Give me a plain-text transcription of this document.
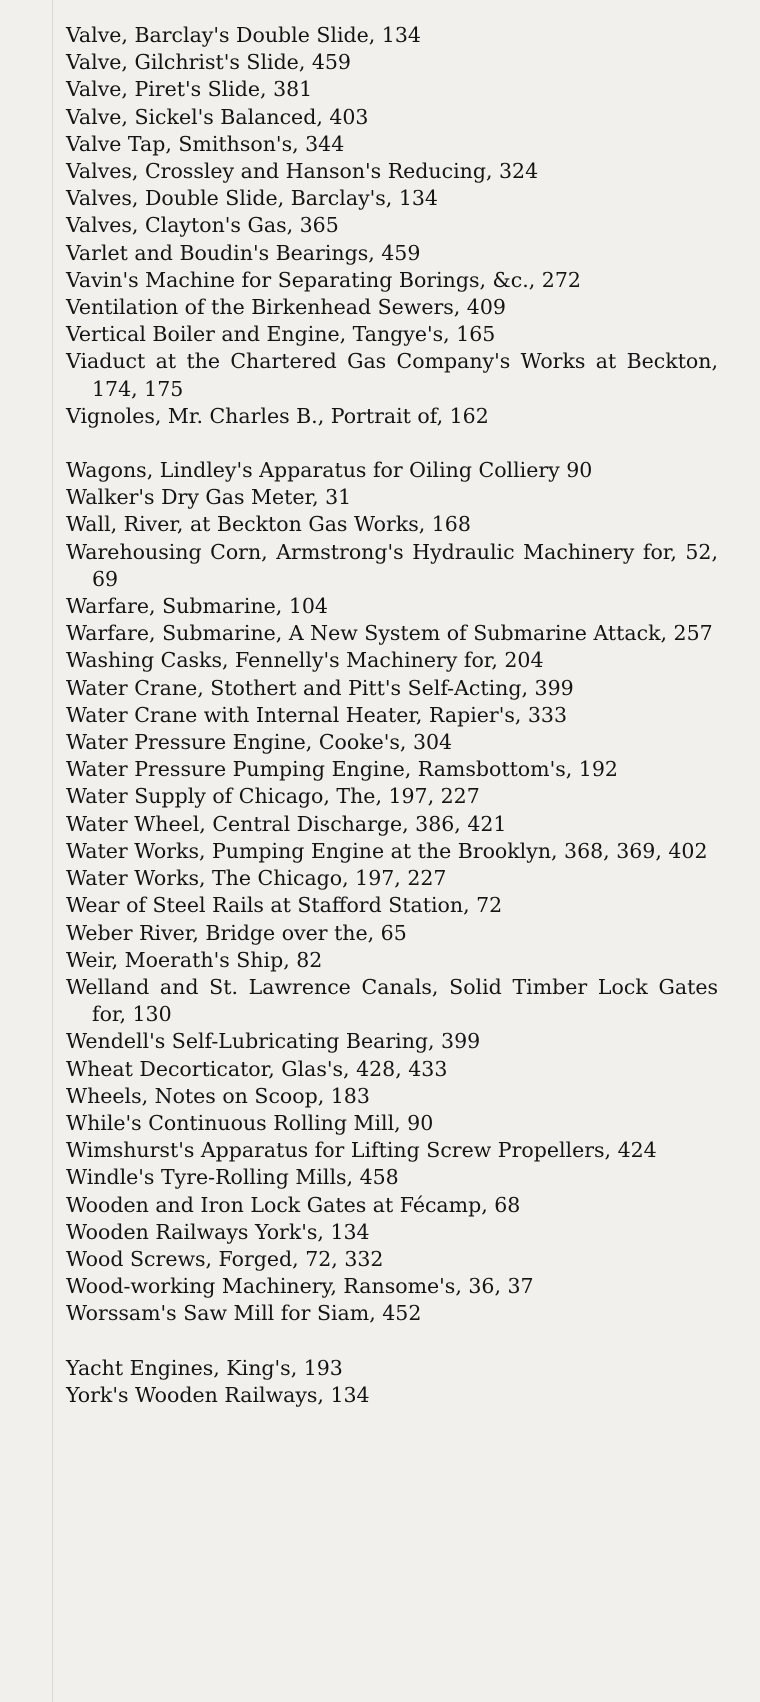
Valve, Barclay's Double Slide, 134
Valve, Gilchrist's Slide, 459
Valve, Piret's Slide, 381
Valve, Sickel's Balanced, 403
Valve Tap, Smithson's, 344
Valves, Crossley and Hanson's Reducing, 324
Valves, Double Slide, Barclay's, 134
Valves, Clayton's Gas, 365
Varlet and Boudin's Bearings, 459
Vavin's Machine for Separating Borings, &c., 272
Ventilation of the Birkenhead Sewers, 409
Vertical Boiler and Engine, Tangye's, 165
Viaduct at the Chartered Gas Company's Works at Beckton, 174, 175
Vignoles, Mr. Charles B., Portrait of, 162
Wagons, Lindley's Apparatus for Oiling Colliery 90
Walker's Dry Gas Meter, 31
Wall, River, at Beckton Gas Works, 168
Warehousing Corn, Armstrong's Hydraulic Machinery for, 52, 69
Warfare, Submarine, 104
Warfare, Submarine, A New System of Submarine Attack, 257
Washing Casks, Fennelly's Machinery for, 204
Water Crane, Stothert and Pitt's Self-Acting, 399
Water Crane with Internal Heater, Rapier's, 333
Water Pressure Engine, Cooke's, 304
Water Pressure Pumping Engine, Ramsbottom's, 192
Water Supply of Chicago, The, 197, 227
Water Wheel, Central Discharge, 386, 421
Water Works, Pumping Engine at the Brooklyn, 368, 369, 402
Water Works, The Chicago, 197, 227
Wear of Steel Rails at Stafford Station, 72
Weber River, Bridge over the, 65
Weir, Moerath's Ship, 82
Welland and St. Lawrence Canals, Solid Timber Lock Gates for, 130
Wendell's Self-Lubricating Bearing, 399
Wheat Decorticator, Glas's, 428, 433
Wheels, Notes on Scoop, 183
While's Continuous Rolling Mill, 90
Wimshurst's Apparatus for Lifting Screw Propellers, 424
Windle's Tyre-Rolling Mills, 458
Wooden and Iron Lock Gates at Fécamp, 68
Wooden Railways York's, 134
Wood Screws, Forged, 72, 332
Wood-working Machinery, Ransome's, 36, 37
Worssam's Saw Mill for Siam, 452
Yacht Engines, King's, 193
York's Wooden Railways, 134
